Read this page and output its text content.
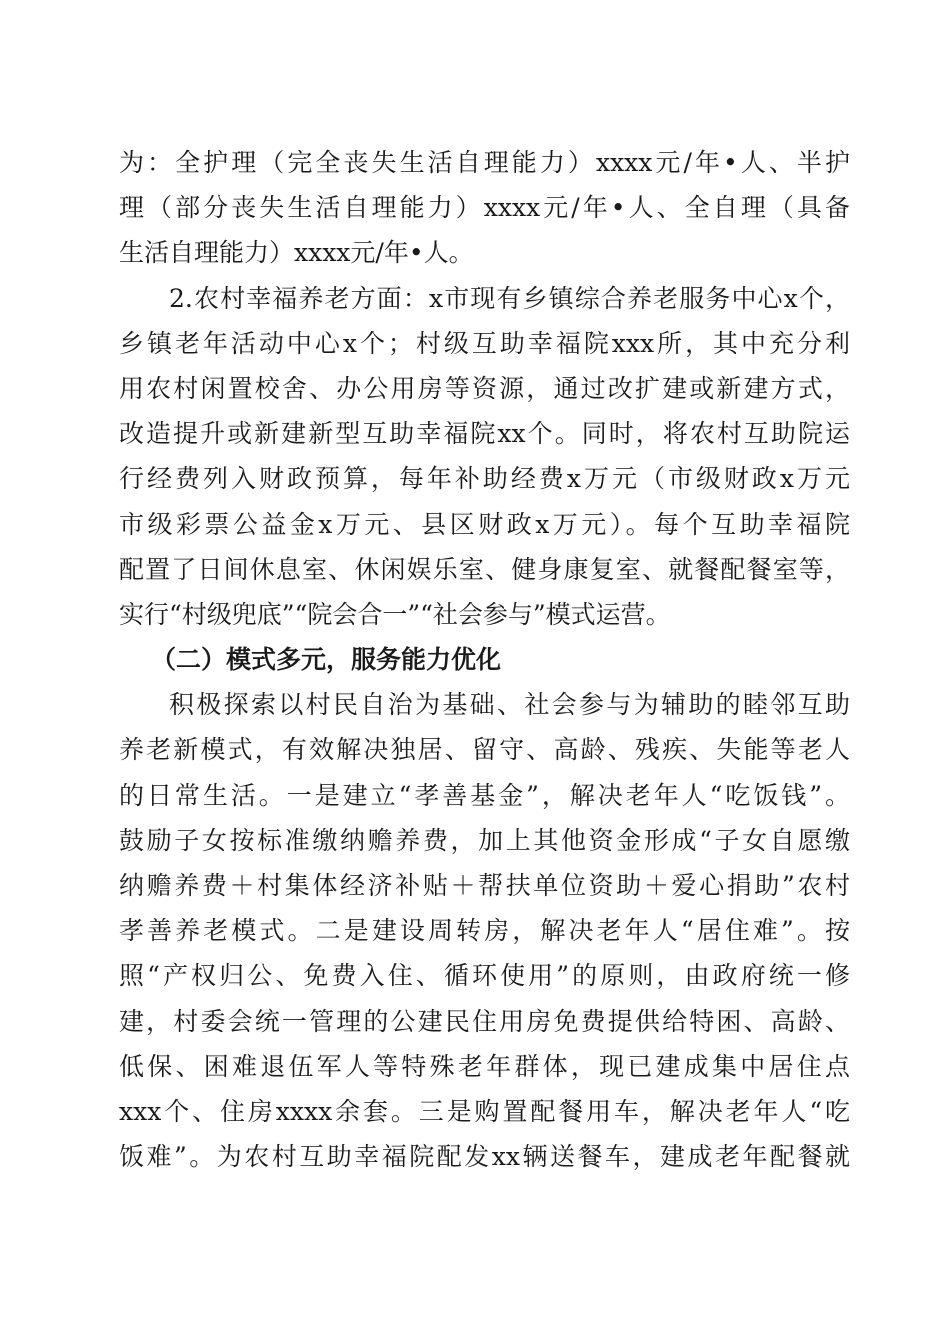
为：全护理（完全丧失生活自理能力）xxxx元/年•人、半护
理（部分丧失生活自理能力）xxxx元/年•人、全自理（具备
生活自理能力）xxxx元/年•人。
2.农村幸福养老方面：x市现有乡镇综合养老服务中心x个，
乡镇老年活动中心x个；村级互助幸福院xxx所，其中充分利
用农村闲置校舍、办公用房等资源，通过改扩建或新建方式，
改造提升或新建新型互助幸福院xx个。同时，将农村互助院运
行经费列入财政预算，每年补助经费x万元（市级财政x万元
市级彩票公益金x万元、县区财政x万元）。每个互助幸福院
配置了日间休息室、休闲娱乐室、健身康复室、就餐配餐室等，
实行“村级兜底”“院会合一”“社会参与”模式运营。
（二）模式多元，服务能力优化
积极探索以村民自治为基础、社会参与为辅助的睦邻互助
养老新模式，有效解决独居、留守、高龄、残疾、失能等老人
的日常生活。一是建立“孝善基金”，解决老年人“吃饭钱”。
鼓励子女按标准缴纳赡养费，加上其他资金形成“子女自愿缴
纳赡养费＋村集体经济补贴＋帮扶单位资助＋爱心捐助”农村
孝善养老模式。二是建设周转房，解决老年人“居住难”。按
照“产权归公、免费入住、循环使用”的原则，由政府统一修
建，村委会统一管理的公建民住用房免费提供给特困、高龄、
低保、困难退伍军人等特殊老年群体，现已建成集中居住点
xxx个、住房xxxx余套。三是购置配餐用车，解决老年人“吃
饭难”。为农村互助幸福院配发xx辆送餐车，建成老年配餐就
